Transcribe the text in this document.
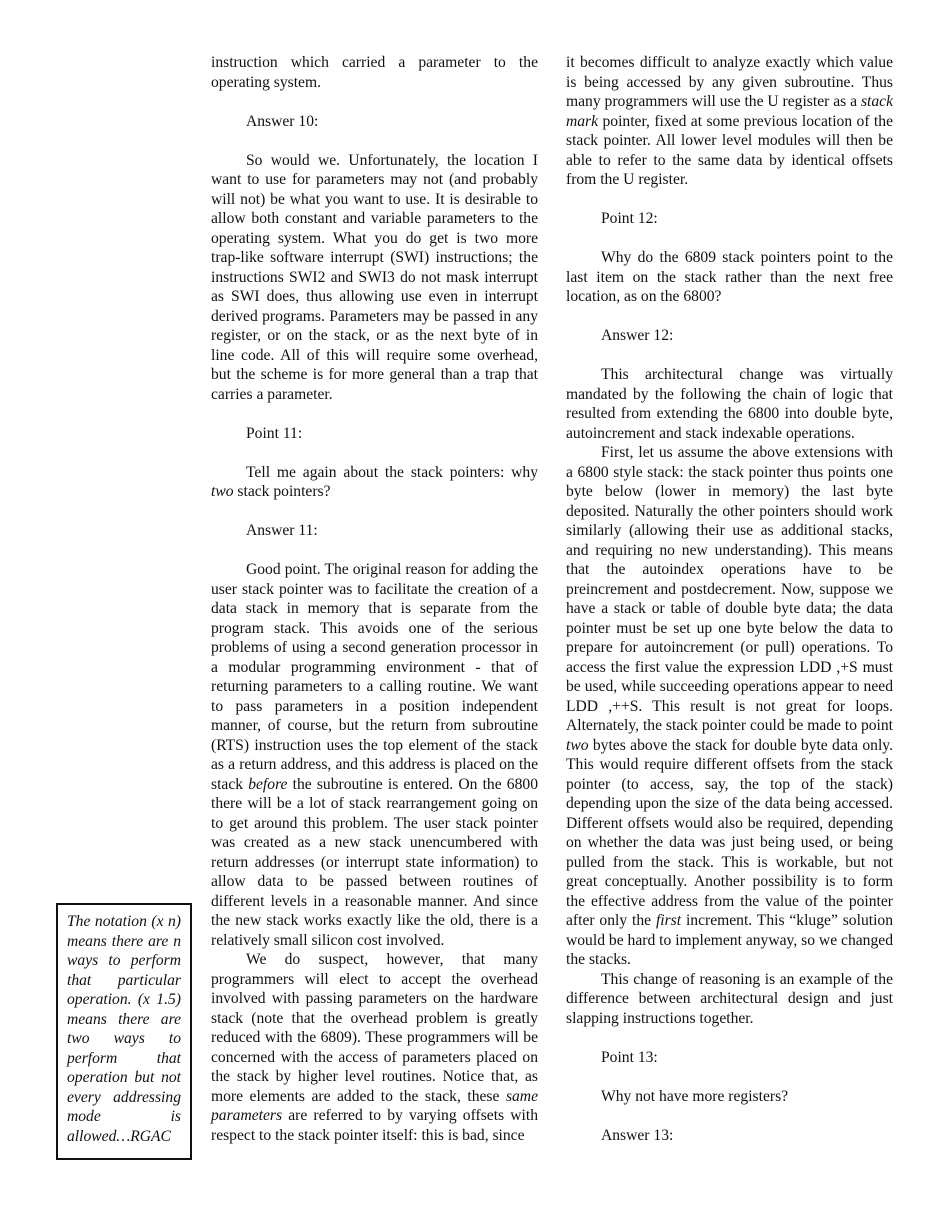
instruction which carried a parameter to the operating system.

Answer 10:

So would we. Unfortunately, the location I want to use for parameters may not (and probably will not) be what you want to use. It is desirable to allow both constant and variable parameters to the operating system. What you do get is two more trap-like software interrupt (SWI) instructions; the instructions SWI2 and SWI3 do not mask interrupt as SWI does, thus allowing use even in interrupt derived programs. Parameters may be passed in any register, or on the stack, or as the next byte of in line code. All of this will require some overhead, but the scheme is for more general than a trap that carries a parameter.

Point 11:

Tell me again about the stack pointers: why two stack pointers?

Answer 11:

Good point. The original reason for adding the user stack pointer was to facilitate the creation of a data stack in memory that is separate from the program stack. This avoids one of the serious problems of using a second generation processor in a modular programming environment - that of returning parameters to a calling routine. We want to pass parameters in a position independent manner, of course, but the return from subroutine (RTS) instruction uses the top element of the stack as a return address, and this address is placed on the stack before the subroutine is entered. On the 6800 there will be a lot of stack rearrangement going on to get around this problem. The user stack pointer was created as a new stack unencumbered with return addresses (or interrupt state information) to allow data to be passed between routines of different levels in a reasonable manner. And since the new stack works exactly like the old, there is a relatively small silicon cost involved.

We do suspect, however, that many programmers will elect to accept the overhead involved with passing parameters on the hardware stack (note that the overhead problem is greatly reduced with the 6809). These programmers will be concerned with the access of parameters placed on the stack by higher level routines. Notice that, as more elements are added to the stack, these same parameters are referred to by varying offsets with respect to the stack pointer itself: this is bad, since

it becomes difficult to analyze exactly which value is being accessed by any given subroutine. Thus many programmers will use the U register as a stack mark pointer, fixed at some previous location of the stack pointer. All lower level modules will then be able to refer to the same data by identical offsets from the U register.

Point 12:

Why do the 6809 stack pointers point to the last item on the stack rather than the next free location, as on the 6800?

Answer 12:

This architectural change was virtually mandated by the following the chain of logic that resulted from extending the 6800 into double byte, autoincrement and stack indexable operations.

First, let us assume the above extensions with a 6800 style stack: the stack pointer thus points one byte below (lower in memory) the last byte deposited. Naturally the other pointers should work similarly (allowing their use as additional stacks, and requiring no new understanding). This means that the autoindex operations have to be preincrement and postdecrement. Now, suppose we have a stack or table of double byte data; the data pointer must be set up one byte below the data to prepare for autoincrement (or pull) operations. To access the first value the expression LDD ,+S must be used, while succeeding operations appear to need LDD ,++S. This result is not great for loops. Alternately, the stack pointer could be made to point two bytes above the stack for double byte data only. This would require different offsets from the stack pointer (to access, say, the top of the stack) depending upon the size of the data being accessed. Different offsets would also be required, depending on whether the data was just being used, or being pulled from the stack. This is workable, but not great conceptually. Another possibility is to form the effective address from the value of the pointer after only the first increment. This “kluge” solution would be hard to implement anyway, so we changed the stacks.

This change of reasoning is an example of the difference between architectural design and just slapping instructions together.

Point 13:

Why not have more registers?

Answer 13:

The notation (x n) means there are n ways to perform that particular operation. (x 1.5) means there are two ways to perform that operation but not every addressing mode is allowed…RGAC
